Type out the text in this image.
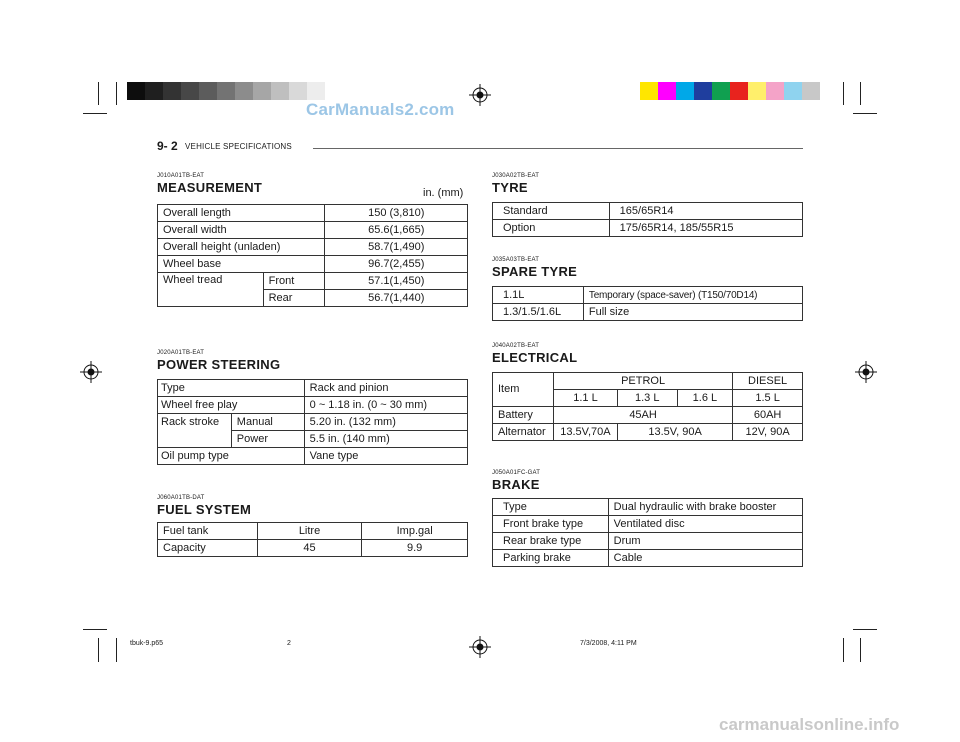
CarManuals2.com
9- 2 VEHICLE SPECIFICATIONS
J010A01TB-EAT
MEASUREMENT	in. (mm)
Overall length		150 (3,810)
Overall width		65.6(1,665)
Overall height (unladen)		58.7(1,490)
Wheel base		96.7(2,455)
Wheel tread	Front	57.1(1,450)
	Rear	56.7(1,440)
J020A01TB-EAT
POWER STEERING
Type		Rack and pinion
Wheel free play		0 ~ 1.18 in. (0 ~ 30 mm)
Rack stroke	Manual	5.20 in. (132 mm)
	Power	5.5 in. (140 mm)
Oil pump type		Vane type
J060A01TB-DAT
FUEL SYSTEM
Fuel tank	Litre	Imp.gal
Capacity	45	9.9
J030A02TB-EAT
TYRE
Standard	165/65R14
Option	175/65R14, 185/55R15
J035A03TB-EAT
SPARE TYRE
1.1L	Temporary (space-saver) (T150/70D14)
1.3/1.5/1.6L	Full size
J040A02TB-EAT
ELECTRICAL
Item	PETROL			DIESEL
	1.1 L	1.3 L	1.6 L	1.5 L
Battery	45AH			60AH
Alternator	13.5V,70A	13.5V, 90A		12V, 90A
J050A01FC-GAT
BRAKE
Type	Dual hydraulic with brake booster
Front brake type	Ventilated disc
Rear brake type	Drum
Parking brake	Cable
tbuk-9.p65	2	7/3/2008, 4:11 PM
carmanualsonline.info
